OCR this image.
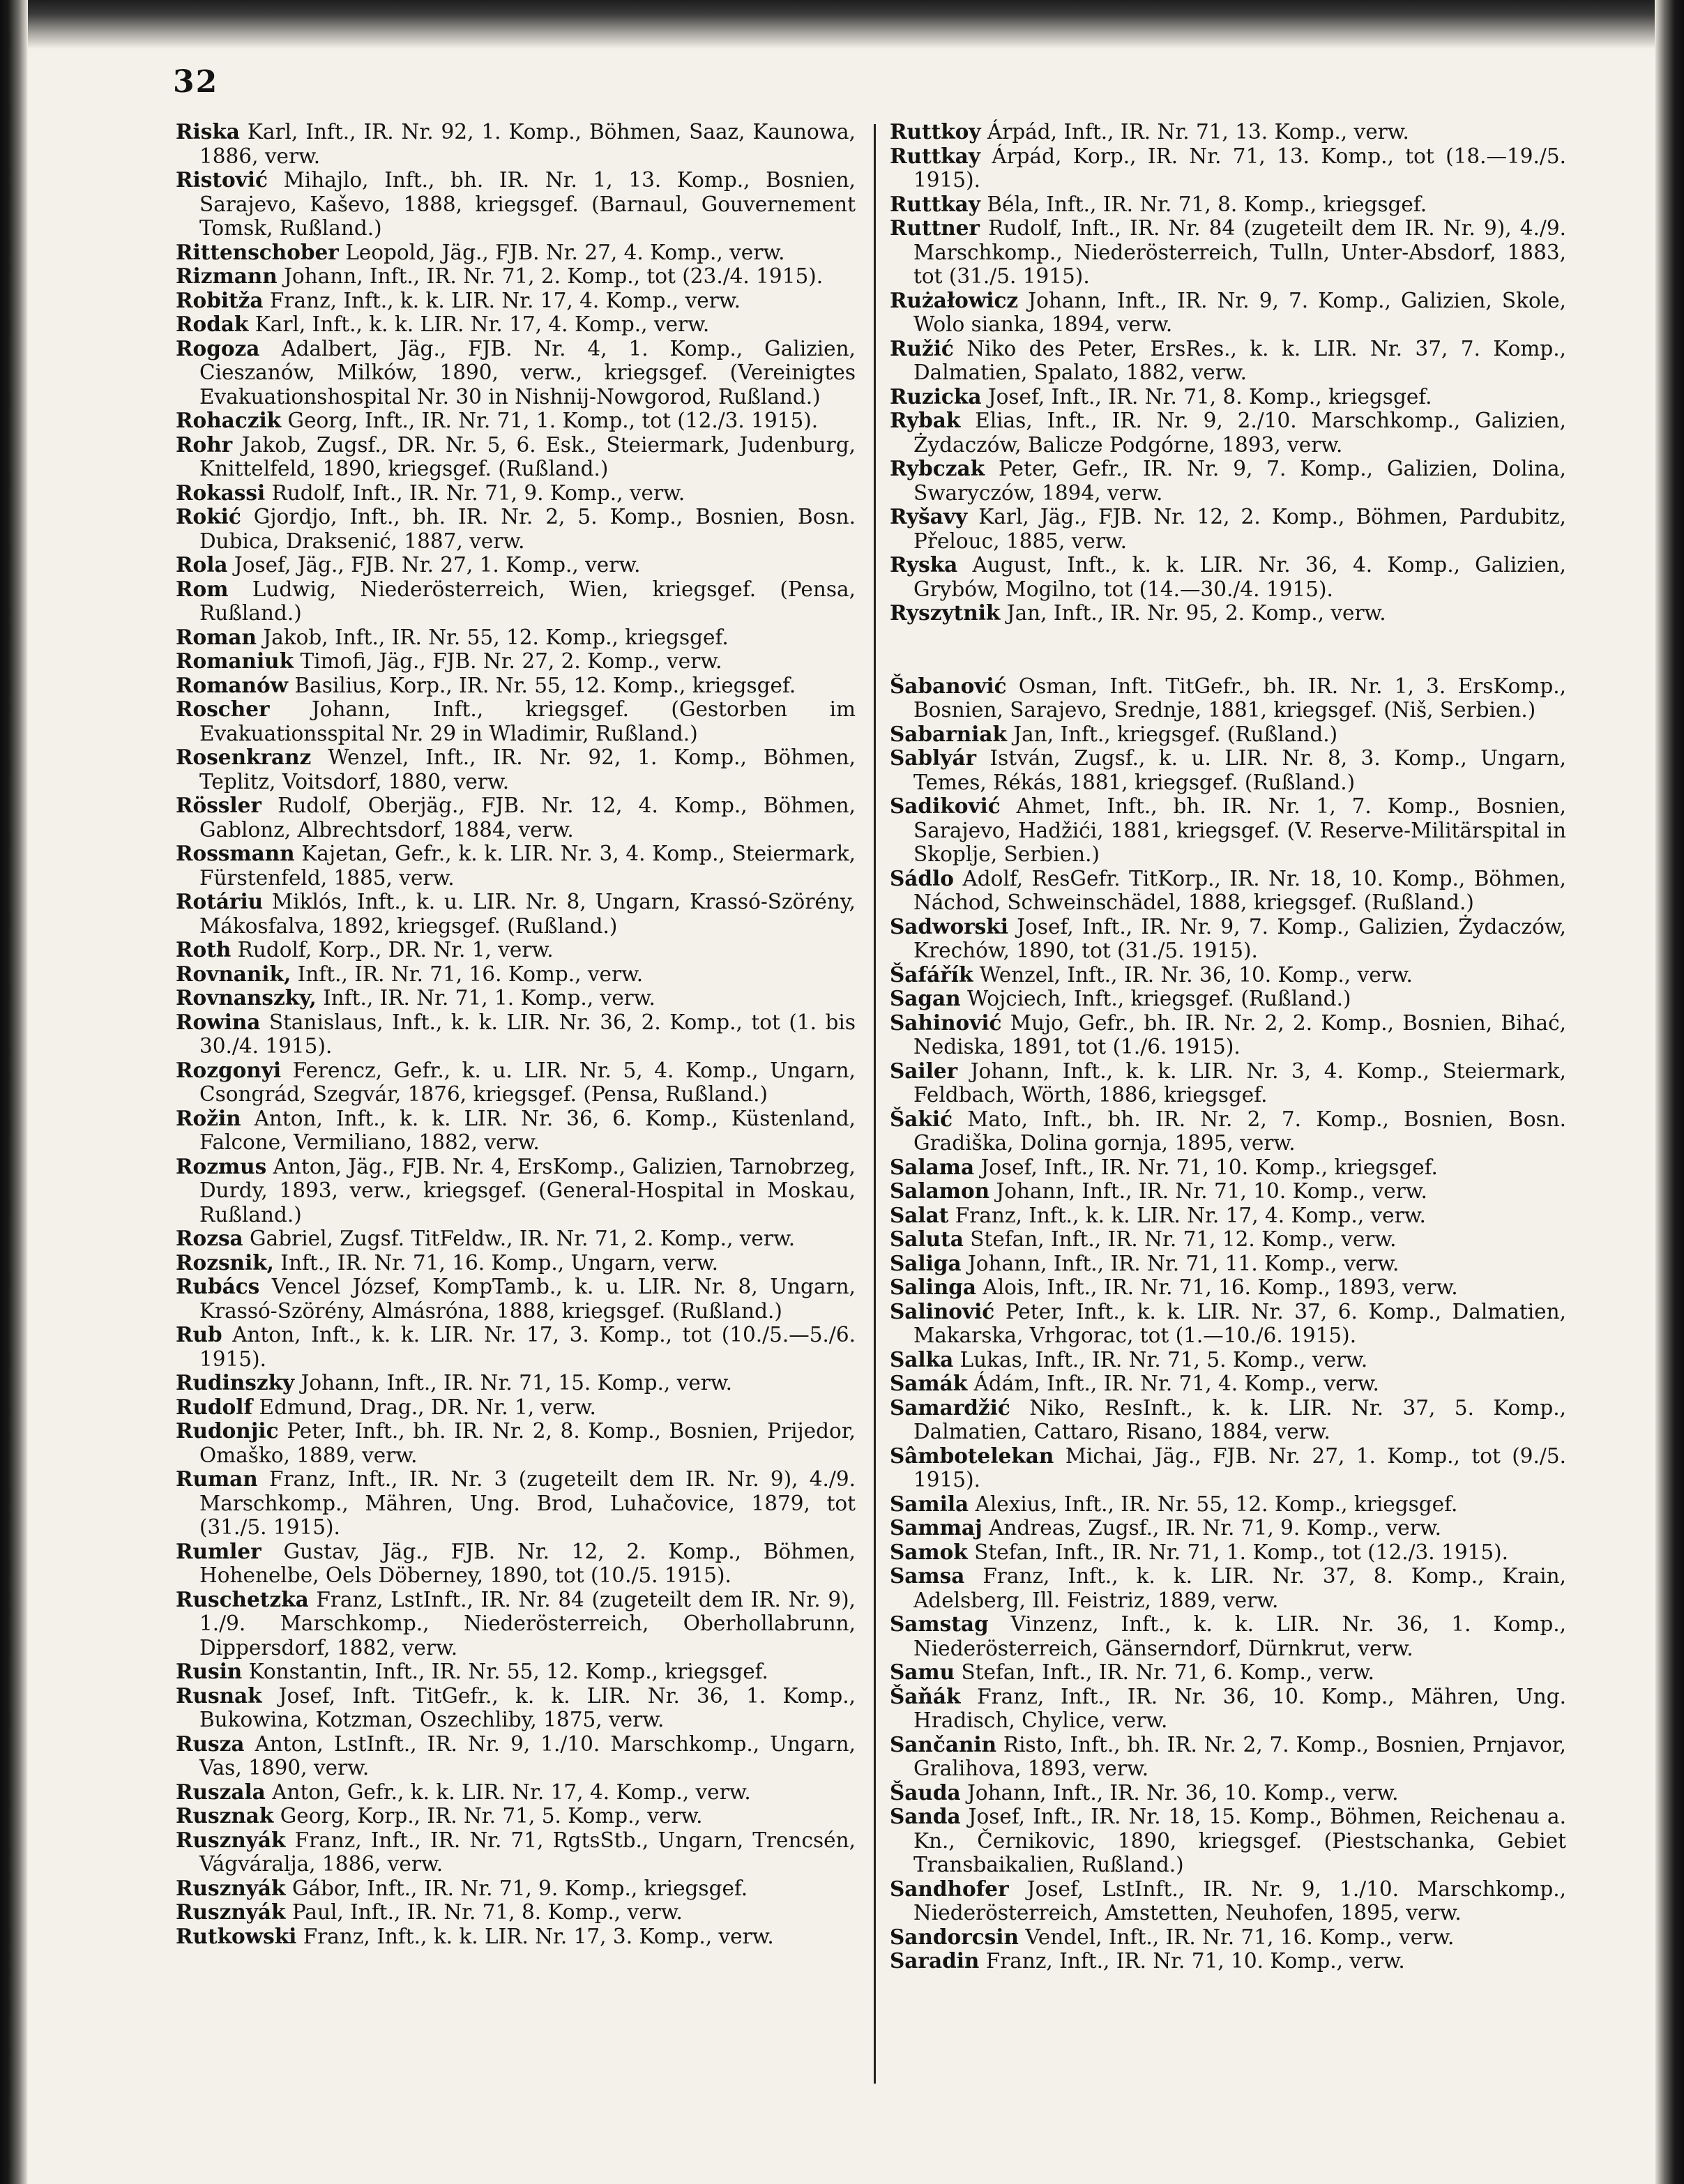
32

Riska Karl, Inft., IR. Nr. 92, 1. Komp., Böhmen, Saaz, Kaunowa, 1886, verw.

Ristović Mihajlo, Inft., bh. IR. Nr. 1, 13. Komp., Bosnien, Sarajevo, Kaševo, 1888, kriegsgef. (Barnaul, Gouvernement Tomsk, Rußland.)

Rittenschober Leopold, Jäg., FJB. Nr. 27, 4. Komp., verw.

Rizmann Johann, Inft., IR. Nr. 71, 2. Komp., tot (23./4. 1915).

Robitža Franz, Inft., k. k. LIR. Nr. 17, 4. Komp., verw.

Rodak Karl, Inft., k. k. LIR. Nr. 17, 4. Komp., verw.

Rogoza Adalbert, Jäg., FJB. Nr. 4, 1. Komp., Galizien, Cieszanów, Milków, 1890, verw., kriegsgef. (Vereinigtes Evakuationshospital Nr. 30 in Nishnij-Nowgorod, Rußland.)

Rohaczik Georg, Inft., IR. Nr. 71, 1. Komp., tot (12./3. 1915).

Rohr Jakob, Zugsf., DR. Nr. 5, 6. Esk., Steiermark, Judenburg, Knittelfeld, 1890, kriegsgef. (Rußland.)

Rokassi Rudolf, Inft., IR. Nr. 71, 9. Komp., verw.

Rokić Gjordjo, Inft., bh. IR. Nr. 2, 5. Komp., Bosnien, Bosn. Dubica, Draksenić, 1887, verw.

Rola Josef, Jäg., FJB. Nr. 27, 1. Komp., verw.

Rom Ludwig, Niederösterreich, Wien, kriegsgef. (Pensa, Rußland.)

Roman Jakob, Inft., IR. Nr. 55, 12. Komp., kriegsgef.

Romaniuk Timofi, Jäg., FJB. Nr. 27, 2. Komp., verw.

Romanów Basilius, Korp., IR. Nr. 55, 12. Komp., kriegsgef.

Roscher Johann, Inft., kriegsgef. (Gestorben im Evakuationsspital Nr. 29 in Wladimir, Rußland.)

Rosenkranz Wenzel, Inft., IR. Nr. 92, 1. Komp., Böhmen, Teplitz, Voitsdorf, 1880, verw.

Rössler Rudolf, Oberjäg., FJB. Nr. 12, 4. Komp., Böhmen, Gablonz, Albrechtsdorf, 1884, verw.

Rossmann Kajetan, Gefr., k. k. LIR. Nr. 3, 4. Komp., Steiermark, Fürstenfeld, 1885, verw.

Rotáriu Miklós, Inft., k. u. LIR. Nr. 8, Ungarn, Krassó-Szörény, Mákosfalva, 1892, kriegsgef. (Rußland.)

Roth Rudolf, Korp., DR. Nr. 1, verw.

Rovnanik, Inft., IR. Nr. 71, 16. Komp., verw.

Rovnanszky, Inft., IR. Nr. 71, 1. Komp., verw.

Rowina Stanislaus, Inft., k. k. LIR. Nr. 36, 2. Komp., tot (1. bis 30./4. 1915).

Rozgonyi Ferencz, Gefr., k. u. LIR. Nr. 5, 4. Komp., Ungarn, Csongrád, Szegvár, 1876, kriegsgef. (Pensa, Rußland.)

Rožin Anton, Inft., k. k. LIR. Nr. 36, 6. Komp., Küstenland, Falcone, Vermiliano, 1882, verw.

Rozmus Anton, Jäg., FJB. Nr. 4, ErsKomp., Galizien, Tarnobrzeg, Durdy, 1893, verw., kriegsgef. (General-Hospital in Moskau, Rußland.)

Rozsa Gabriel, Zugsf. TitFeldw., IR. Nr. 71, 2. Komp., verw.

Rozsnik, Inft., IR. Nr. 71, 16. Komp., Ungarn, verw.

Rubács Vencel József, KompTamb., k. u. LIR. Nr. 8, Ungarn, Krassó-Szörény, Almásróna, 1888, kriegsgef. (Rußland.)

Rub Anton, Inft., k. k. LIR. Nr. 17, 3. Komp., tot (10./5.—5./6. 1915).

Rudinszky Johann, Inft., IR. Nr. 71, 15. Komp., verw.

Rudolf Edmund, Drag., DR. Nr. 1, verw.

Rudonjic Peter, Inft., bh. IR. Nr. 2, 8. Komp., Bosnien, Prijedor, Omaško, 1889, verw.

Ruman Franz, Inft., IR. Nr. 3 (zugeteilt dem IR. Nr. 9), 4./9. Marschkomp., Mähren, Ung. Brod, Luhačovice, 1879, tot (31./5. 1915).

Rumler Gustav, Jäg., FJB. Nr. 12, 2. Komp., Böhmen, Hohenelbe, Oels Döberney, 1890, tot (10./5. 1915).

Ruschetzka Franz, LstInft., IR. Nr. 84 (zugeteilt dem IR. Nr. 9), 1./9. Marschkomp., Niederösterreich, Oberhollabrunn, Dippersdorf, 1882, verw.

Rusin Konstantin, Inft., IR. Nr. 55, 12. Komp., kriegsgef.

Rusnak Josef, Inft. TitGefr., k. k. LIR. Nr. 36, 1. Komp., Bukowina, Kotzman, Oszechliby, 1875, verw.

Rusza Anton, LstInft., IR. Nr. 9, 1./10. Marschkomp., Ungarn, Vas, 1890, verw.

Ruszala Anton, Gefr., k. k. LIR. Nr. 17, 4. Komp., verw.

Rusznak Georg, Korp., IR. Nr. 71, 5. Komp., verw.

Rusznyák Franz, Inft., IR. Nr. 71, RgtsStb., Ungarn, Trencsén, Vágváralja, 1886, verw.

Rusznyák Gábor, Inft., IR. Nr. 71, 9. Komp., kriegsgef.

Rusznyák Paul, Inft., IR. Nr. 71, 8. Komp., verw.

Rutkowski Franz, Inft., k. k. LIR. Nr. 17, 3. Komp., verw.

Ruttkoy Árpád, Inft., IR. Nr. 71, 13. Komp., verw.

Ruttkay Árpád, Korp., IR. Nr. 71, 13. Komp., tot (18.—19./5. 1915).

Ruttkay Béla, Inft., IR. Nr. 71, 8. Komp., kriegsgef.

Ruttner Rudolf, Inft., IR. Nr. 84 (zugeteilt dem IR. Nr. 9), 4./9. Marschkomp., Niederösterreich, Tulln, Unter-Absdorf, 1883, tot (31./5. 1915).

Rużałowicz Johann, Inft., IR. Nr. 9, 7. Komp., Galizien, Skole, Wolo sianka, 1894, verw.

Ružić Niko des Peter, ErsRes., k. k. LIR. Nr. 37, 7. Komp., Dalmatien, Spalato, 1882, verw.

Ruzicka Josef, Inft., IR. Nr. 71, 8. Komp., kriegsgef.

Rybak Elias, Inft., IR. Nr. 9, 2./10. Marschkomp., Galizien, Żydaczów, Balicze Podgórne, 1893, verw.

Rybczak Peter, Gefr., IR. Nr. 9, 7. Komp., Galizien, Dolina, Swaryczów, 1894, verw.

Ryšavy Karl, Jäg., FJB. Nr. 12, 2. Komp., Böhmen, Pardubitz, Přelouc, 1885, verw.

Ryska August, Inft., k. k. LIR. Nr. 36, 4. Komp., Galizien, Grybów, Mogilno, tot (14.—30./4. 1915).

Ryszytnik Jan, Inft., IR. Nr. 95, 2. Komp., verw.

Šabanović Osman, Inft. TitGefr., bh. IR. Nr. 1, 3. ErsKomp., Bosnien, Sarajevo, Srednje, 1881, kriegsgef. (Niš, Serbien.)

Sabarniak Jan, Inft., kriegsgef. (Rußland.)

Sablyár István, Zugsf., k. u. LIR. Nr. 8, 3. Komp., Ungarn, Temes, Rékás, 1881, kriegsgef. (Rußland.)

Sadiković Ahmet, Inft., bh. IR. Nr. 1, 7. Komp., Bosnien, Sarajevo, Hadžići, 1881, kriegsgef. (V. Reserve-Militärspital in Skoplje, Serbien.)

Sádlo Adolf, ResGefr. TitKorp., IR. Nr. 18, 10. Komp., Böhmen, Náchod, Schweinschädel, 1888, kriegsgef. (Rußland.)

Sadworski Josef, Inft., IR. Nr. 9, 7. Komp., Galizien, Żydaczów, Krechów, 1890, tot (31./5. 1915).

Šafářík Wenzel, Inft., IR. Nr. 36, 10. Komp., verw.

Sagan Wojciech, Inft., kriegsgef. (Rußland.)

Sahinović Mujo, Gefr., bh. IR. Nr. 2, 2. Komp., Bosnien, Bihać, Nediska, 1891, tot (1./6. 1915).

Sailer Johann, Inft., k. k. LIR. Nr. 3, 4. Komp., Steiermark, Feldbach, Wörth, 1886, kriegsgef.

Šakić Mato, Inft., bh. IR. Nr. 2, 7. Komp., Bosnien, Bosn. Gradiška, Dolina gornja, 1895, verw.

Salama Josef, Inft., IR. Nr. 71, 10. Komp., kriegsgef.

Salamon Johann, Inft., IR. Nr. 71, 10. Komp., verw.

Salat Franz, Inft., k. k. LIR. Nr. 17, 4. Komp., verw.

Saluta Stefan, Inft., IR. Nr. 71, 12. Komp., verw.

Saliga Johann, Inft., IR. Nr. 71, 11. Komp., verw.

Salinga Alois, Inft., IR. Nr. 71, 16. Komp., 1893, verw.

Salinović Peter, Inft., k. k. LIR. Nr. 37, 6. Komp., Dalmatien, Makarska, Vrhgorac, tot (1.—10./6. 1915).

Salka Lukas, Inft., IR. Nr. 71, 5. Komp., verw.

Samák Ádám, Inft., IR. Nr. 71, 4. Komp., verw.

Samardžić Niko, ResInft., k. k. LIR. Nr. 37, 5. Komp., Dalmatien, Cattaro, Risano, 1884, verw.

Sâmbotelekan Michai, Jäg., FJB. Nr. 27, 1. Komp., tot (9./5. 1915).

Samila Alexius, Inft., IR. Nr. 55, 12. Komp., kriegsgef.

Sammaj Andreas, Zugsf., IR. Nr. 71, 9. Komp., verw.

Samok Stefan, Inft., IR. Nr. 71, 1. Komp., tot (12./3. 1915).

Samsa Franz, Inft., k. k. LIR. Nr. 37, 8. Komp., Krain, Adelsberg, Ill. Feistriz, 1889, verw.

Samstag Vinzenz, Inft., k. k. LIR. Nr. 36, 1. Komp., Niederösterreich, Gänserndorf, Dürnkrut, verw.

Samu Stefan, Inft., IR. Nr. 71, 6. Komp., verw.

Šaňák Franz, Inft., IR. Nr. 36, 10. Komp., Mähren, Ung. Hradisch, Chylice, verw.

Sančanin Risto, Inft., bh. IR. Nr. 2, 7. Komp., Bosnien, Prnjavor, Gralihova, 1893, verw.

Šauda Johann, Inft., IR. Nr. 36, 10. Komp., verw.

Sanda Josef, Inft., IR. Nr. 18, 15. Komp., Böhmen, Reichenau a. Kn., Černikovic, 1890, kriegsgef. (Piestschanka, Gebiet Transbaikalien, Rußland.)

Sandhofer Josef, LstInft., IR. Nr. 9, 1./10. Marschkomp., Niederösterreich, Amstetten, Neuhofen, 1895, verw.

Sandorcsin Vendel, Inft., IR. Nr. 71, 16. Komp., verw.

Saradin Franz, Inft., IR. Nr. 71, 10. Komp., verw.
